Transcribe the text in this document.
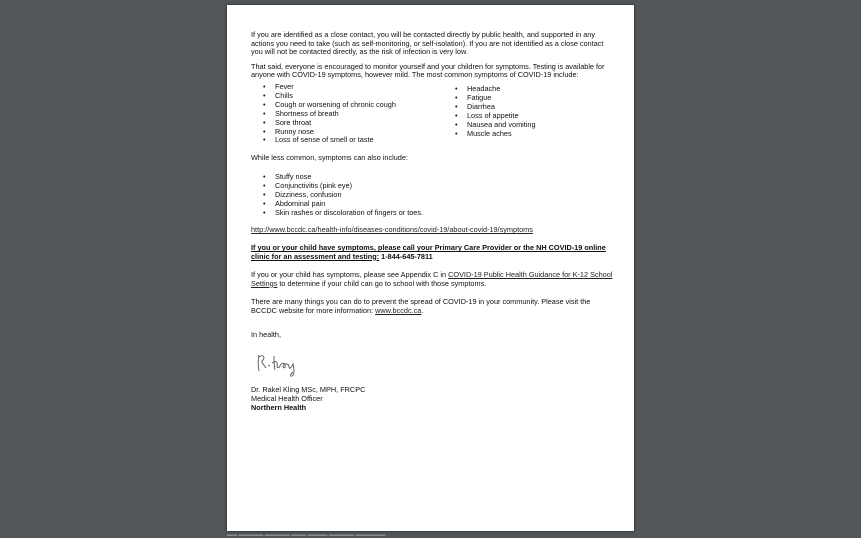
If you are identified as a close contact, you will be contacted directly by public health, and supported in any actions you need to take (such as self-monitoring, or self-isolation). If you are not identified as a close contact you will not be contacted directly, as the risk of infection is very low.

That said, everyone is encouraged to monitor yourself and your children for symptoms. Testing is available for anyone with COVID-19 symptoms, however mild. The most common symptoms of COVID-19 include:

• Fever
• Chills
• Cough or worsening of chronic cough
• Shortness of breath
• Sore throat
• Runny nose
• Loss of sense of smell or taste
• Headache
• Fatigue
• Diarrhea
• Loss of appetite
• Nausea and vomiting
• Muscle aches

While less common, symptoms can also include:

• Stuffy nose
• Conjunctivitis (pink eye)
• Dizziness, confusion
• Abdominal pain
• Skin rashes or discoloration of fingers or toes.

http://www.bccdc.ca/health-info/diseases-conditions/covid-19/about-covid-19/symptoms

If you or your child have symptoms, please call your Primary Care Provider or the NH COVID-19 online clinic for an assessment and testing: 1-844-645-7811

If you or your child has symptoms, please see Appendix C in COVID-19 Public Health Guidance for K-12 School Settings to determine if your child can go to school with those symptoms.

There are many things you can do to prevent the spread of COVID-19 in your community. Please visit the BCCDC website for more information: www.bccdc.ca.

In health,

Dr. Rakel Kling MSc, MPH, FRCPC
Medical Health Officer
Northern Health
▬▬ ▬▬▬▬▬ ▬▬▬▬▬ ▬▬▬ ▬▬▬▬ ▬▬▬▬▬ ▬▬▬▬▬▬
